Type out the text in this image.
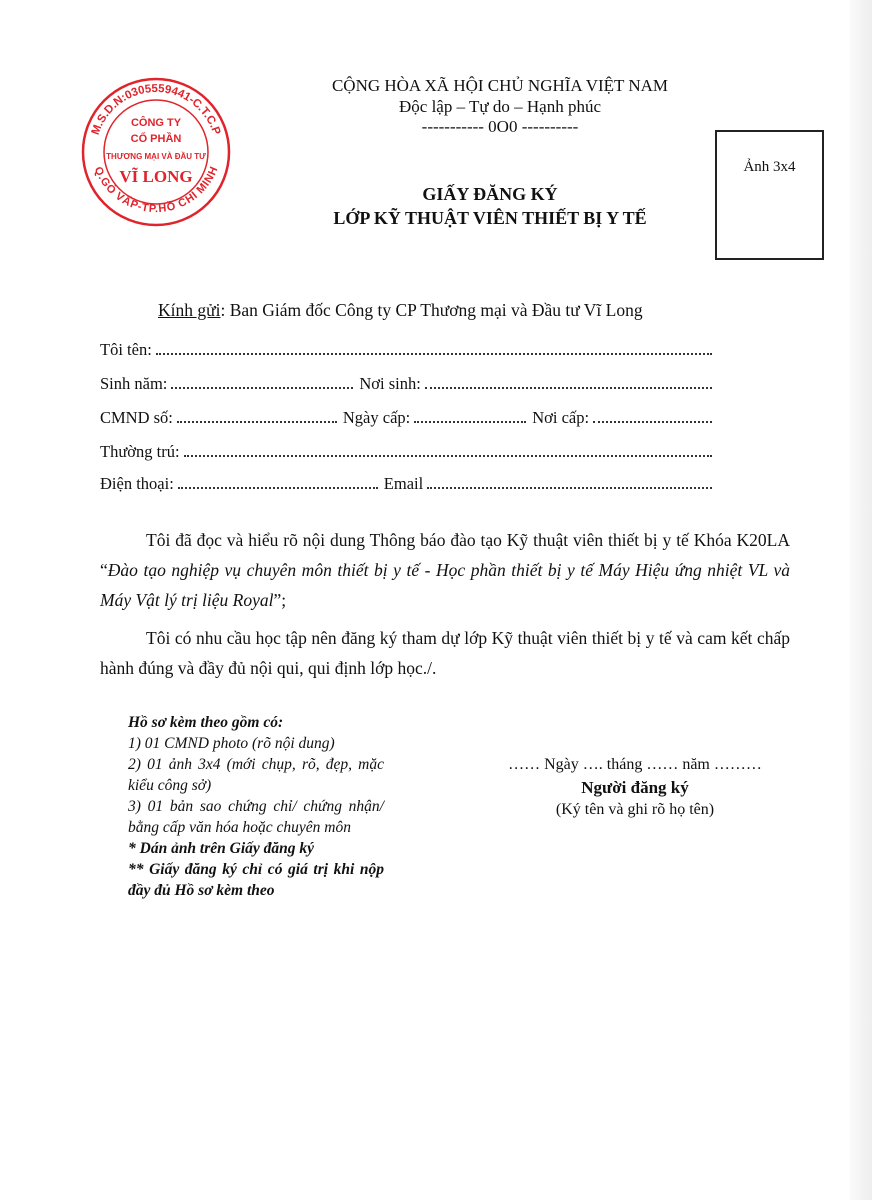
M.S.D.N:0305559441-C.T.C.P
Q.GÒ VẤP-TP.HỒ CHÍ MINH
CÔNG TY
CỔ PHẦN
THƯƠNG MẠI VÀ ĐẦU TƯ
VĨ LONG
CỘNG HÒA XÃ HỘI CHỦ NGHĨA VIỆT NAM
Độc lập – Tự do – Hạnh phúc
----------- 0O0 ----------
Ảnh 3x4
GIẤY ĐĂNG KÝ
LỚP KỸ THUẬT VIÊN THIẾT BỊ Y TẾ
Kính gửi: Ban Giám đốc Công ty CP Thương mại và Đầu tư Vĩ Long
Tôi tên:
Sinh năm:	Nơi sinh:
CMND số:	Ngày cấp:	Nơi cấp:
Thường trú:
Điện thoại:	Email
Tôi đã đọc và hiểu rõ nội dung Thông báo đào tạo Kỹ thuật viên thiết bị y tế Khóa K20LA “Đào tạo nghiệp vụ chuyên môn thiết bị y tế - Học phần thiết bị y tế Máy Hiệu ứng nhiệt VL và Máy Vật lý trị liệu Royal”;
Tôi có nhu cầu học tập nên đăng ký tham dự lớp Kỹ thuật viên thiết bị y tế và cam kết chấp hành đúng và đầy đủ nội qui, qui định lớp học./.
Hồ sơ kèm theo gồm có:
1) 01 CMND photo (rõ nội dung)
2) 01 ảnh 3x4 (mới chụp, rõ, đẹp, mặc kiểu công sở)
3) 01 bản sao chứng chỉ/ chứng nhận/ bằng cấp văn hóa hoặc chuyên môn
* Dán ảnh trên Giấy đăng ký
** Giấy đăng ký chỉ có giá trị khi nộp đầy đủ Hồ sơ kèm theo
…… Ngày …. tháng …… năm ………
Người đăng ký
(Ký tên và ghi rõ họ tên)
